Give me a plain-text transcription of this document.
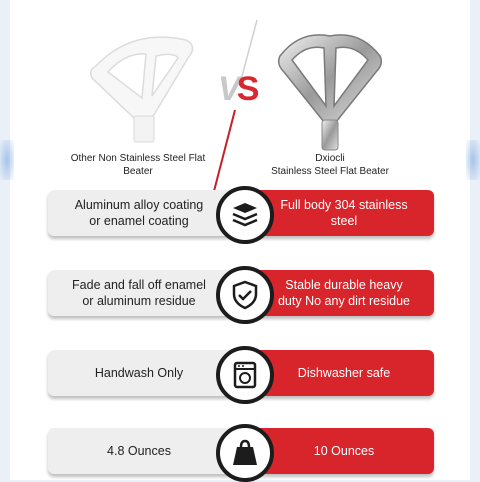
Other Non Stainless Steel Flat
Beater
Dxiocli
Stainless Steel Flat Beater
VS
Aluminum alloy coating
or enamel coating
Full body 304 stainless
steel
Fade and fall off enamel
or aluminum residue
Stable durable heavy
duty No any dirt residue
Handwash Only	Dishwasher safe
4.8 Ounces	10 Ounces
